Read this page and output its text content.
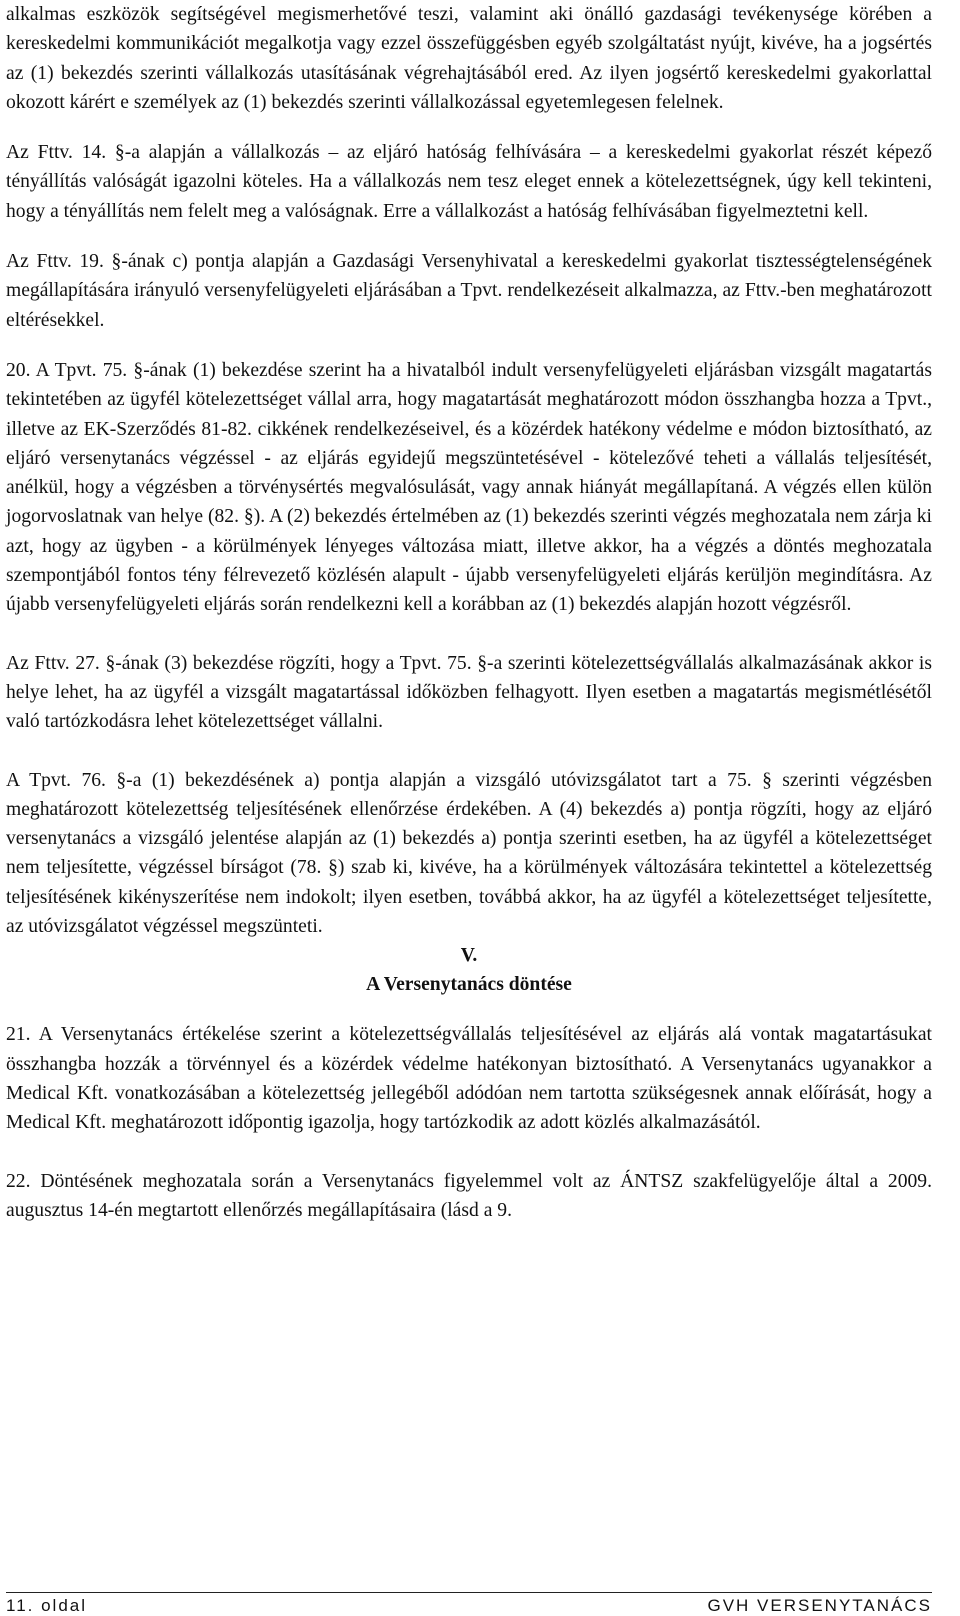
alkalmas eszközök segítségével megismerhetővé teszi, valamint aki önálló gazdasági tevékenysége körében a kereskedelmi kommunikációt megalkotja vagy ezzel összefüggésben egyéb szolgáltatást nyújt, kivéve, ha a jogsértés az (1) bekezdés szerinti vállalkozás utasításának végrehajtásából ered. Az ilyen jogsértő kereskedelmi gyakorlattal okozott kárért e személyek az (1) bekezdés szerinti vállalkozással egyetemlegesen felelnek.

Az Fttv. 14. §-a alapján a vállalkozás – az eljáró hatóság felhívására – a kereskedelmi gyakorlat részét képező tényállítás valóságát igazolni köteles. Ha a vállalkozás nem tesz eleget ennek a kötelezettségnek, úgy kell tekinteni, hogy a tényállítás nem felelt meg a valóságnak. Erre a vállalkozást a hatóság felhívásában figyelmeztetni kell.

Az Fttv. 19. §-ának c) pontja alapján a Gazdasági Versenyhivatal a kereskedelmi gyakorlat tisztességtelenségének megállapítására irányuló versenyfelügyeleti eljárásában a Tpvt. rendelkezéseit alkalmazza, az Fttv.-ben meghatározott eltérésekkel.

20. A Tpvt. 75. §-ának (1) bekezdése szerint ha a hivatalból indult versenyfelügyeleti eljárásban vizsgált magatartás tekintetében az ügyfél kötelezettséget vállal arra, hogy magatartását meghatározott módon összhangba hozza a Tpvt., illetve az EK-Szerződés 81-82. cikkének rendelkezéseivel, és a közérdek hatékony védelme e módon biztosítható, az eljáró versenytanács végzéssel - az eljárás egyidejű megszüntetésével - kötelezővé teheti a vállalás teljesítését, anélkül, hogy a végzésben a törvénysértés megvalósulását, vagy annak hiányát megállapítaná. A végzés ellen külön jogorvoslatnak van helye (82. §). A (2) bekezdés értelmében az (1) bekezdés szerinti végzés meghozatala nem zárja ki azt, hogy az ügyben - a körülmények lényeges változása miatt, illetve akkor, ha a végzés a döntés meghozatala szempontjából fontos tény félrevezető közlésén alapult - újabb versenyfelügyeleti eljárás kerüljön megindításra. Az újabb versenyfelügyeleti eljárás során rendelkezni kell a korábban az (1) bekezdés alapján hozott végzésről.

Az Fttv. 27. §-ának (3) bekezdése rögzíti, hogy a Tpvt. 75. §-a szerinti kötelezettségvállalás alkalmazásának akkor is helye lehet, ha az ügyfél a vizsgált magatartással időközben felhagyott. Ilyen esetben a magatartás megismétlésétől való tartózkodásra lehet kötelezettséget vállalni.

A Tpvt. 76. §-a (1) bekezdésének a) pontja alapján a vizsgáló utóvizsgálatot tart a 75. § szerinti végzésben meghatározott kötelezettség teljesítésének ellenőrzése érdekében. A (4) bekezdés a) pontja rögzíti, hogy az eljáró versenytanács a vizsgáló jelentése alapján az (1) bekezdés a) pontja szerinti esetben, ha az ügyfél a kötelezettséget nem teljesítette, végzéssel bírságot (78. §) szab ki, kivéve, ha a körülmények változására tekintettel a kötelezettség teljesítésének kikényszerítése nem indokolt; ilyen esetben, továbbá akkor, ha az ügyfél a kötelezettséget teljesítette, az utóvizsgálatot végzéssel megszünteti.

V.

A Versenytanács döntése

21. A Versenytanács értékelése szerint a kötelezettségvállalás teljesítésével az eljárás alá vontak magatartásukat összhangba hozzák a törvénnyel és a közérdek védelme hatékonyan biztosítható. A Versenytanács ugyanakkor a Medical Kft. vonatkozásában a kötelezettség jellegéből adódóan nem tartotta szükségesnek annak előírását, hogy a Medical Kft. meghatározott időpontig igazolja, hogy tartózkodik az adott közlés alkalmazásától.

22. Döntésének meghozatala során a Versenytanács figyelemmel volt az ÁNTSZ szakfelügyelője által a 2009. augusztus 14-én megtartott ellenőrzés megállapításaira (lásd a 9.

11. oldal	GVH VERSENYTANÁCS
